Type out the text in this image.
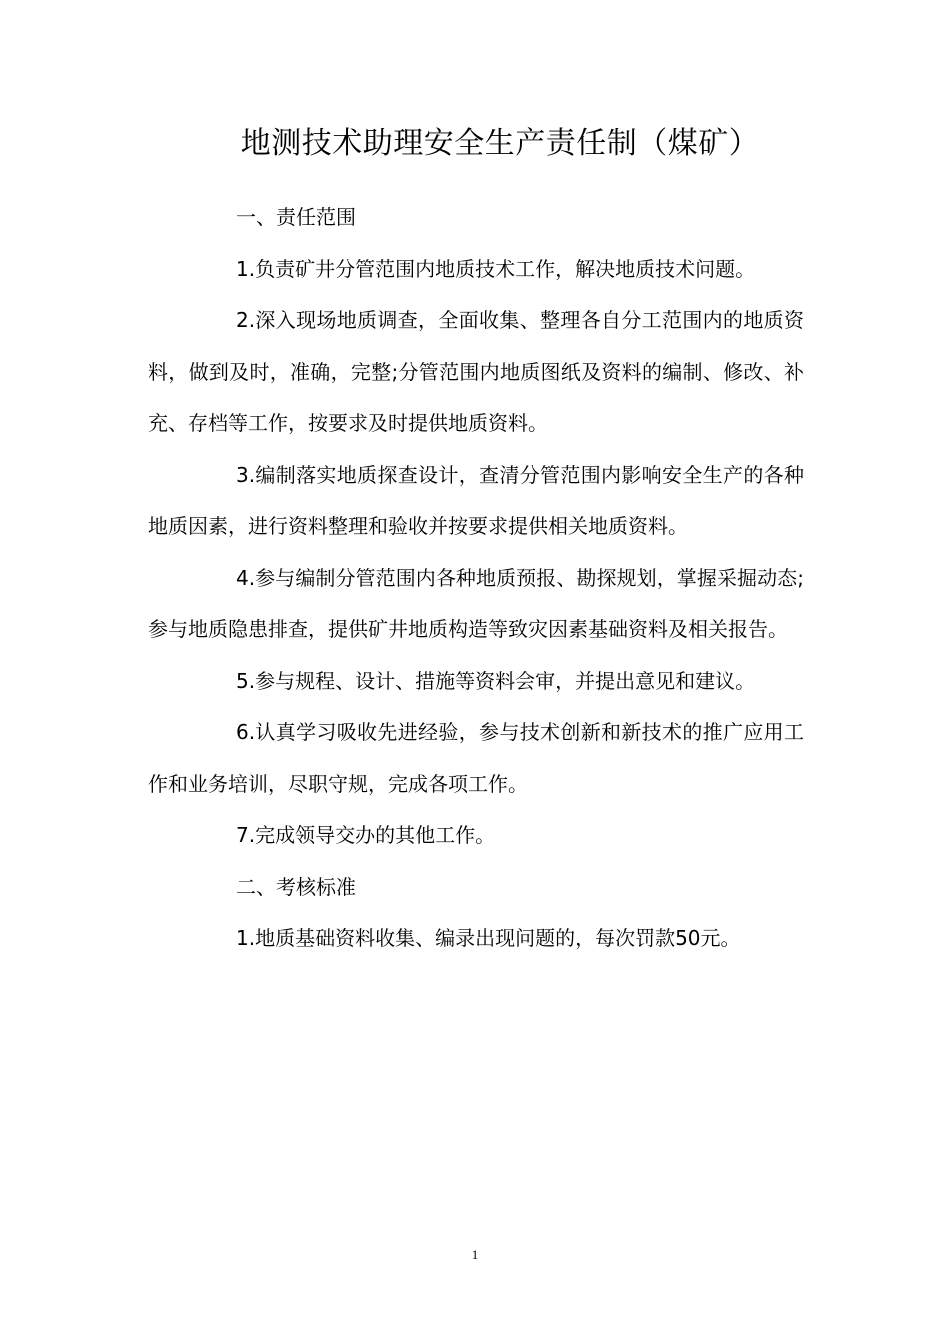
地测技术助理安全生产责任制（煤矿）

一、责任范围

1.负责矿井分管范围内地质技术工作，解决地质技术问题。

2.深入现场地质调查，全面收集、整理各自分工范围内的地质资料，做到及时，准确，完整;分管范围内地质图纸及资料的编制、修改、补充、存档等工作，按要求及时提供地质资料。

3.编制落实地质探查设计，查清分管范围内影响安全生产的各种地质因素，进行资料整理和验收并按要求提供相关地质资料。

4.参与编制分管范围内各种地质预报、勘探规划，掌握采掘动态;参与地质隐患排查，提供矿井地质构造等致灾因素基础资料及相关报告。

5.参与规程、设计、措施等资料会审，并提出意见和建议。

6.认真学习吸收先进经验，参与技术创新和新技术的推广应用工作和业务培训，尽职守规，完成各项工作。

7.完成领导交办的其他工作。

二、考核标准

1.地质基础资料收集、编录出现问题的，每次罚款50元。

1
